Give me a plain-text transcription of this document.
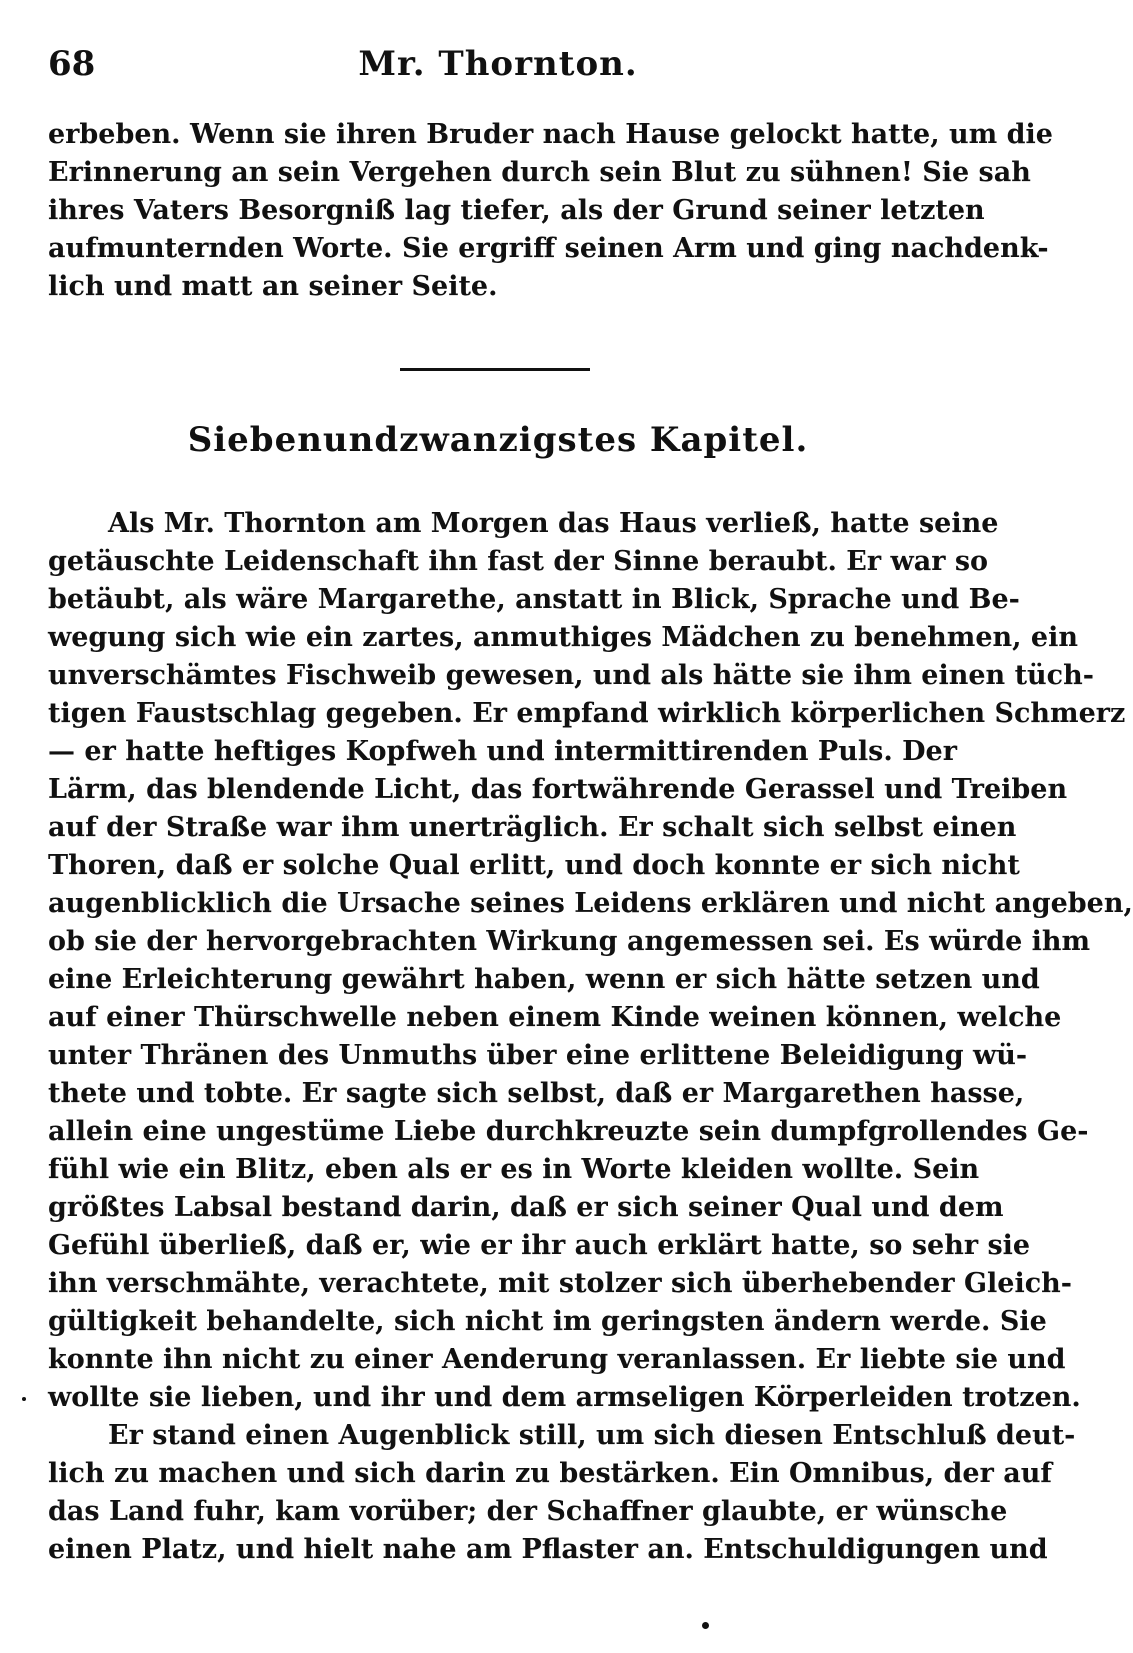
68	Mr. Thornton.
erbeben. Wenn sie ihren Bruder nach Hause gelockt hatte, um die
Erinnerung an sein Vergehen durch sein Blut zu sühnen! Sie sah
ihres Vaters Besorgniß lag tiefer, als der Grund seiner letzten
aufmunternden Worte. Sie ergriff seinen Arm und ging nachdenk-
lich und matt an seiner Seite.
Siebenundzwanzigstes Kapitel.
Als Mr. Thornton am Morgen das Haus verließ, hatte seine
getäuschte Leidenschaft ihn fast der Sinne beraubt. Er war so
betäubt, als wäre Margarethe, anstatt in Blick, Sprache und Be-
wegung sich wie ein zartes, anmuthiges Mädchen zu benehmen, ein
unverschämtes Fischweib gewesen, und als hätte sie ihm einen tüch-
tigen Faustschlag gegeben. Er empfand wirklich körperlichen Schmerz
— er hatte heftiges Kopfweh und intermittirenden Puls. Der
Lärm, das blendende Licht, das fortwährende Gerassel und Treiben
auf der Straße war ihm unerträglich. Er schalt sich selbst einen
Thoren, daß er solche Qual erlitt, und doch konnte er sich nicht
augenblicklich die Ursache seines Leidens erklären und nicht angeben,
ob sie der hervorgebrachten Wirkung angemessen sei. Es würde ihm
eine Erleichterung gewährt haben, wenn er sich hätte setzen und
auf einer Thürschwelle neben einem Kinde weinen können, welche
unter Thränen des Unmuths über eine erlittene Beleidigung wü-
thete und tobte. Er sagte sich selbst, daß er Margarethen hasse,
allein eine ungestüme Liebe durchkreuzte sein dumpfgrollendes Ge-
fühl wie ein Blitz, eben als er es in Worte kleiden wollte. Sein
größtes Labsal bestand darin, daß er sich seiner Qual und dem
Gefühl überließ, daß er, wie er ihr auch erklärt hatte, so sehr sie
ihn verschmähte, verachtete, mit stolzer sich überhebender Gleich-
gültigkeit behandelte, sich nicht im geringsten ändern werde. Sie
konnte ihn nicht zu einer Aenderung veranlassen. Er liebte sie und
wollte sie lieben, und ihr und dem armseligen Körperleiden trotzen.
Er stand einen Augenblick still, um sich diesen Entschluß deut-
lich zu machen und sich darin zu bestärken. Ein Omnibus, der auf
das Land fuhr, kam vorüber; der Schaffner glaubte, er wünsche
einen Platz, und hielt nahe am Pflaster an. Entschuldigungen und
